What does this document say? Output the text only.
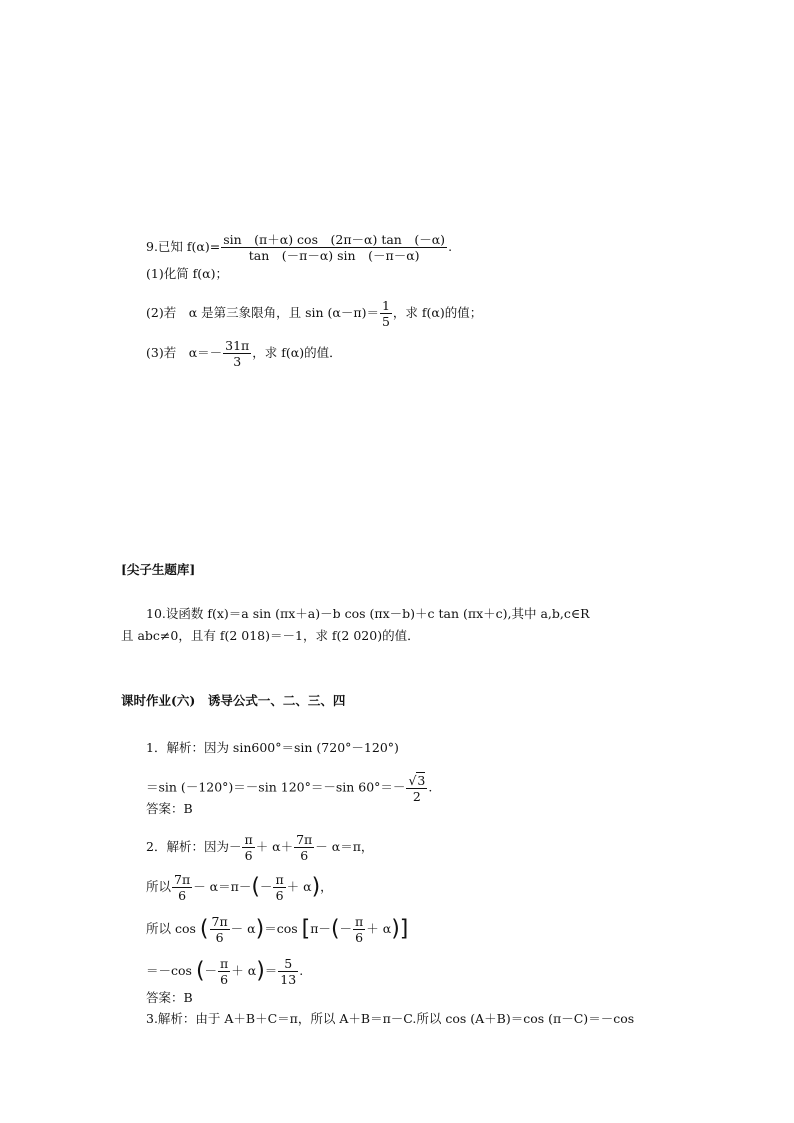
9.已知 $f(\alpha)= \frac{\sin (\pi+\alpha) \cos (2\pi-\alpha) \tan (-\alpha)}{\tan (-\pi-\alpha) \sin (-\pi-\alpha)}$ .
(1)化简 f(α)；
(2)若　α 是第三象限角，且 $\sin (\alpha-\pi)= \frac{1}{5}$ ，求 f(α)的值；
(3)若　$\alpha=- \frac{31\pi}{3}$ ，求 f(α)的值．
[尖子生题库]
10.设函数 f(x)＝a sin (πx＋a)－b cos (πx－b)＋c tan (πx＋c),其中 a,b,c∈R
且 abc≠0，且有 f(2 018)＝－1，求 f(2 020)的值．
课时作业(六)　诱导公式一、二、三、四
1．解析：因为 sin600°＝sin (720°－120°)
＝sin (－120°)＝－sin 120°＝－sin $60^\circ=- \frac{√3}{2}$ .
答案：B
2．解析：因为－ $\frac{\pi}{6} + \alpha+ \frac{7\pi}{6} - \alpha=\pi$，
所以 $\frac{7\pi}{6} - \alpha=\pi-(- \frac{\pi}{6} + \alpha)$，
所以 cos ( $\frac{7\pi}{6} - \alpha)=\cos$ $[\pi-(- \frac{\pi}{6} + \alpha)]$
＝－cos (－ $\frac{\pi}{6} + \alpha)= \frac{5}{13}$ .
答案：B
3.解析：由于 A＋B＋C＝π，所以 A＋B＝π－C.所以 cos (A＋B)＝cos (π－C)＝－cos
